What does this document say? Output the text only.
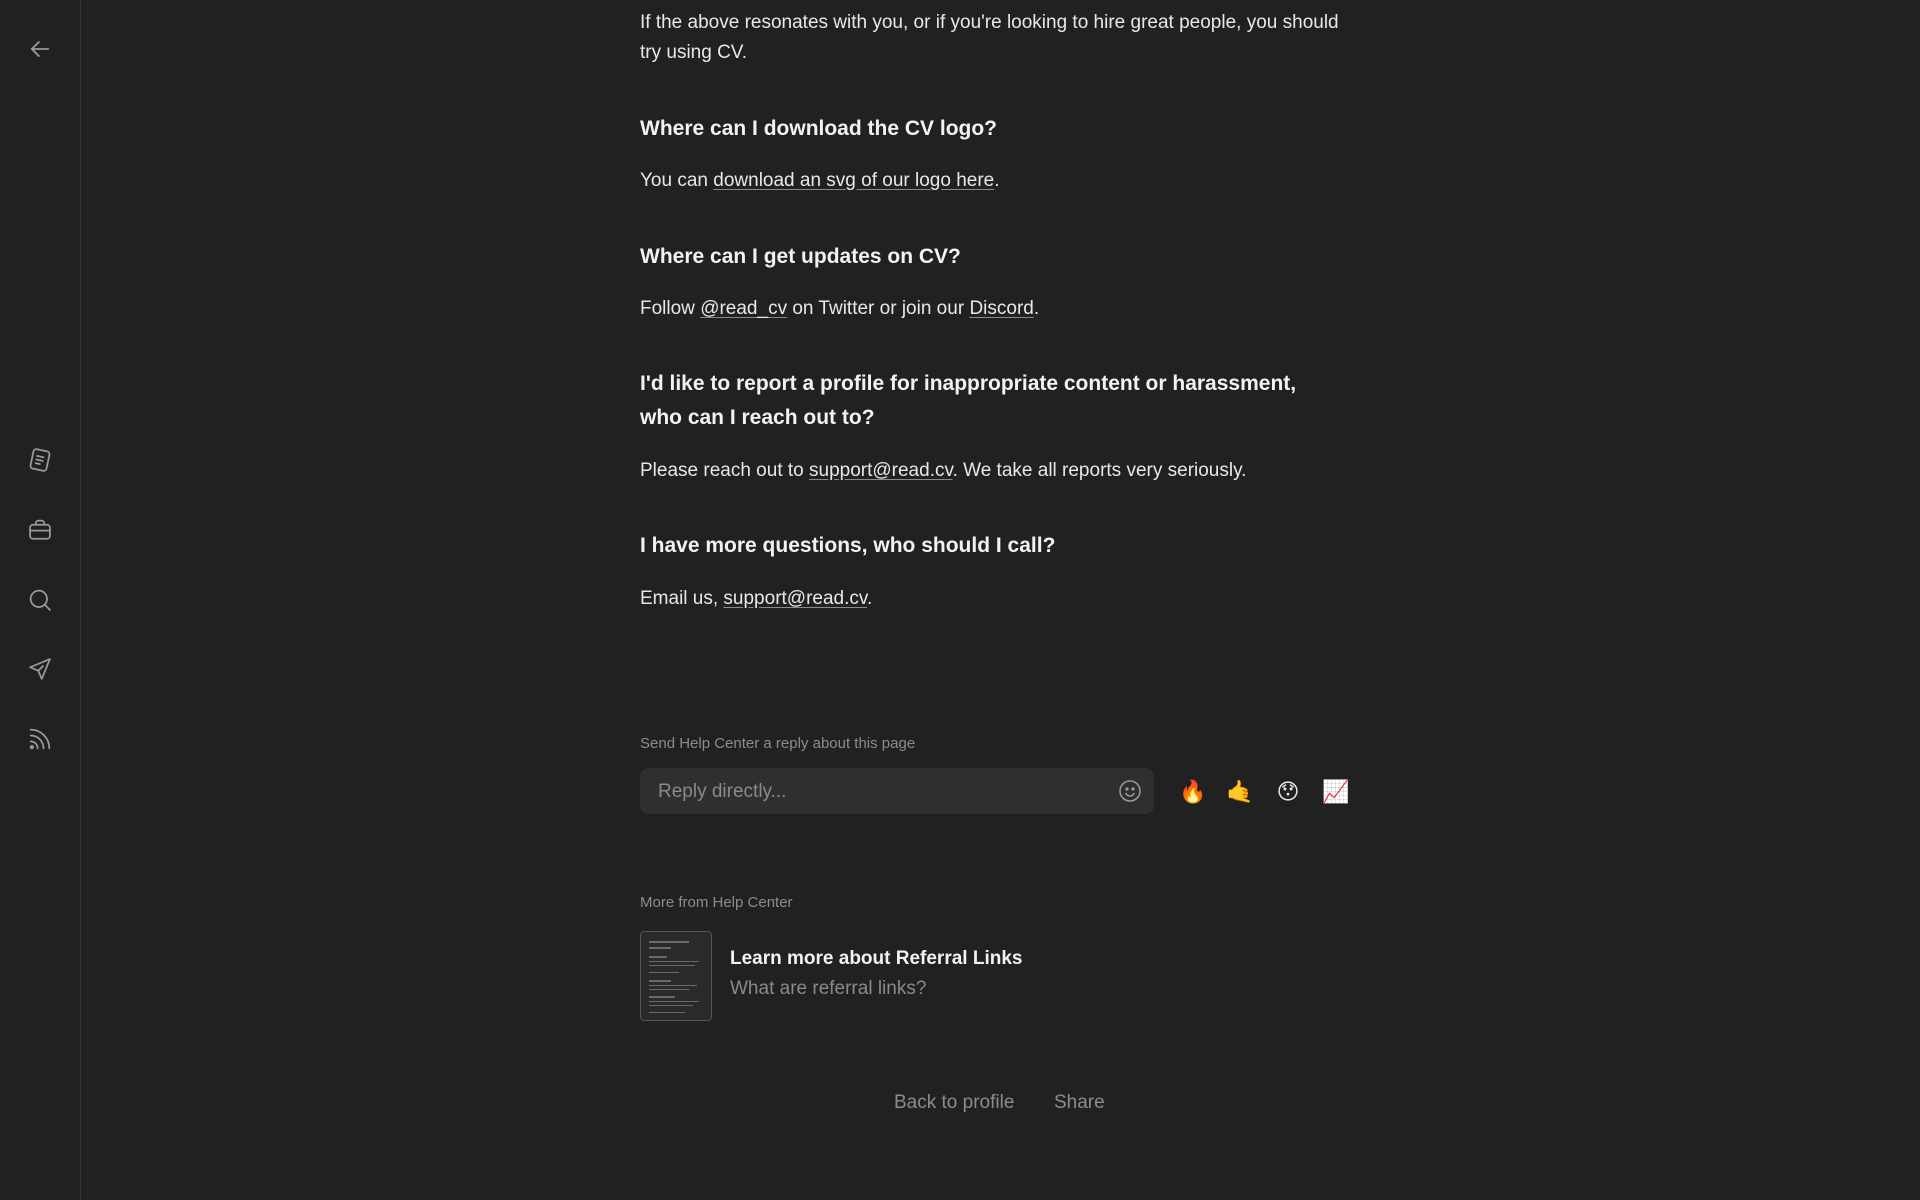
If the above resonates with you, or if you're looking to hire great people, you should try using CV.

Where can I download the CV logo?

You can download an svg of our logo here.

Where can I get updates on CV?

Follow @read_cv on Twitter or join our Discord.

I'd like to report a profile for inappropriate content or harassment, who can I reach out to?

Please reach out to support@read.cv. We take all reports very seriously.

I have more questions, who should I call?

Email us, support@read.cv.

Send Help Center a reply about this page
Reply directly...
🔥 🤙 😯 📈
More from Help Center
Learn more about Referral Links
What are referral links?
Back to profile Share
